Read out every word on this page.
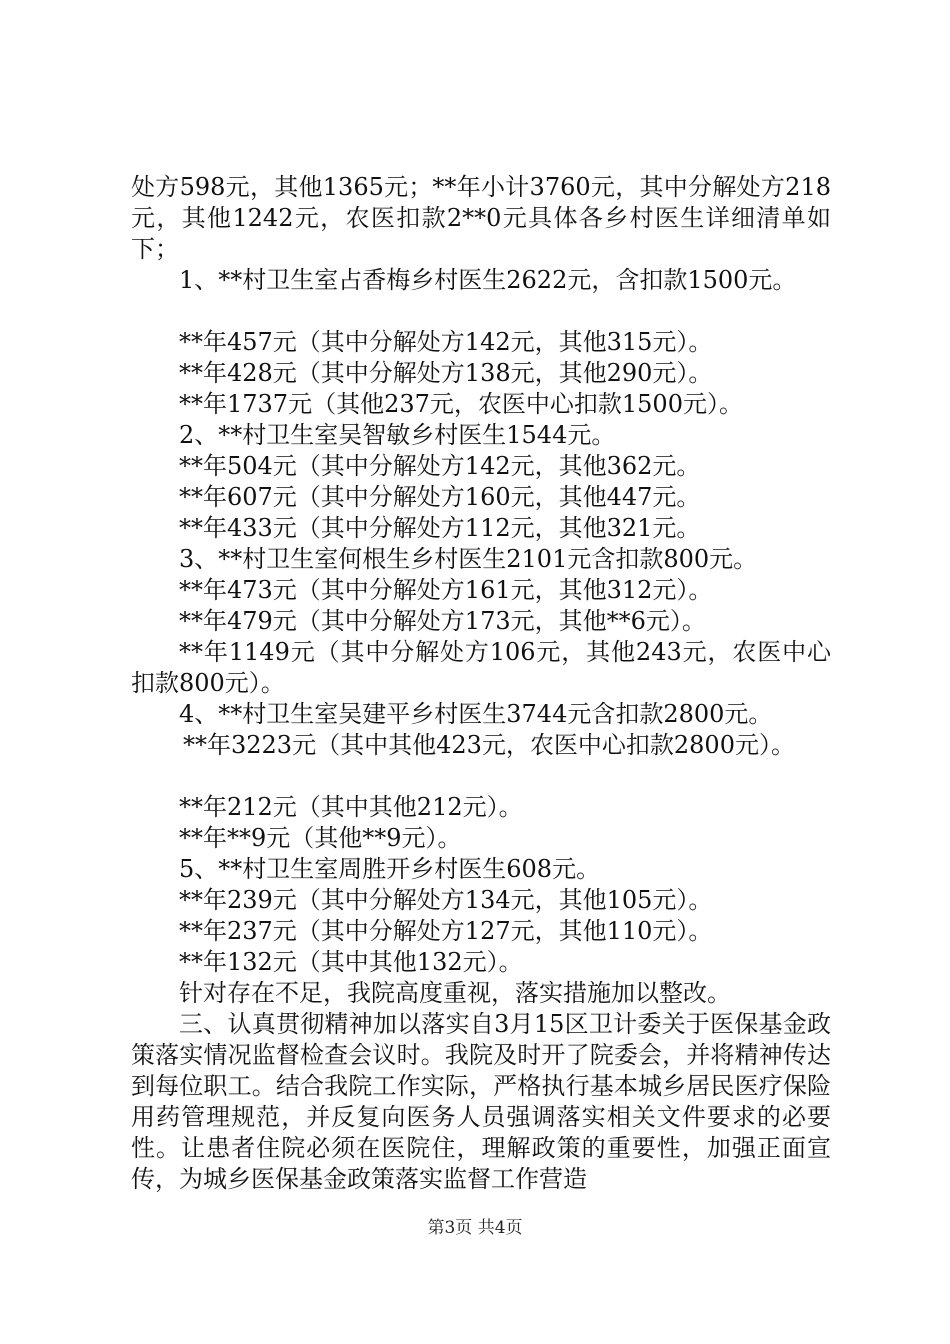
处方598元，其他1365元；**年小计3760元，其中分解处方218元，其他1242元，农医扣款2**0元具体各乡村医生详细清单如下；

1、**村卫生室占香梅乡村医生2622元，含扣款1500元。

**年457元（其中分解处方142元，其他315元）。

**年428元（其中分解处方138元，其他290元）。

**年1737元（其他237元，农医中心扣款1500元）。

2、**村卫生室吴智敏乡村医生1544元。

**年504元（其中分解处方142元，其他362元。

**年607元（其中分解处方160元，其他447元。

**年433元（其中分解处方112元，其他321元。

3、**村卫生室何根生乡村医生2101元含扣款800元。

**年473元（其中分解处方161元，其他312元）。

**年479元（其中分解处方173元，其他**6元）。

**年1149元（其中分解处方106元，其他243元，农医中心扣款800元）。

4、**村卫生室吴建平乡村医生3744元含扣款2800元。

**年3223元（其中其他423元，农医中心扣款2800元）。

**年212元（其中其他212元）。

**年**9元（其他**9元）。

5、**村卫生室周胜开乡村医生608元。

**年239元（其中分解处方134元，其他105元）。

**年237元（其中分解处方127元，其他110元）。

**年132元（其中其他132元）。

针对存在不足，我院高度重视，落实措施加以整改。

三、认真贯彻精神加以落实自3月15区卫计委关于医保基金政策落实情况监督检查会议时。我院及时开了院委会，并将精神传达到每位职工。结合我院工作实际，严格执行基本城乡居民医疗保险用药管理规范，并反复向医务人员强调落实相关文件要求的必要性。让患者住院必须在医院住，理解政策的重要性，加强正面宣传，为城乡医保基金政策落实监督工作营造

第3页 共4页
